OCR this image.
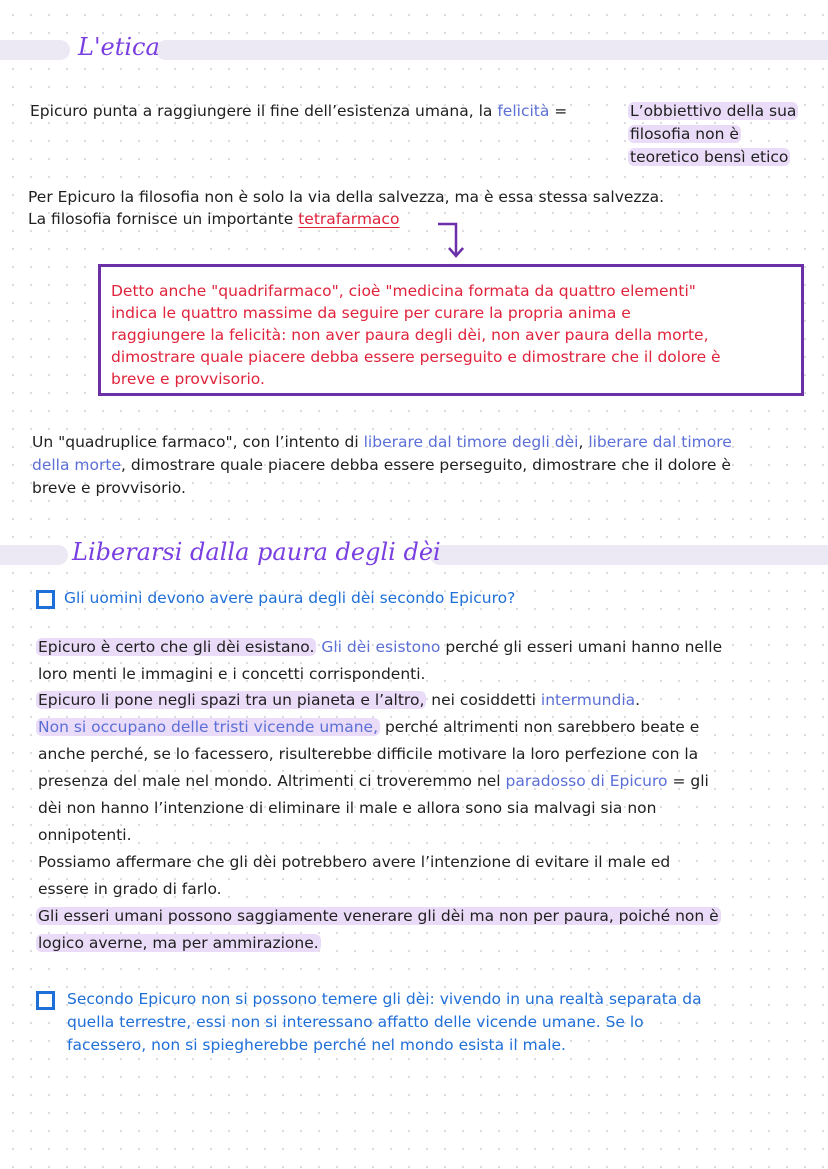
L'etica
Epicuro punta a raggiungere il fine dell’esistenza umana, la felicità =	L’obbiettivo della sua
filosofia non è
teoretico bensì etico
Per Epicuro la filosofia non è solo la via della salvezza, ma è essa stessa salvezza.
La filosofia fornisce un importante tetrafarmaco
Detto anche "quadrifarmaco", cioè "medicina formata da quattro elementi"
indica le quattro massime da seguire per curare la propria anima e
raggiungere la felicità: non aver paura degli dèi, non aver paura della morte,
dimostrare quale piacere debba essere perseguito e dimostrare che il dolore è
breve e provvisorio.
Un "quadruplice farmaco", con l’intento di liberare dal timore degli dèi, liberare dal timore
della morte, dimostrare quale piacere debba essere perseguito, dimostrare che il dolore è
breve e provvisorio.
Liberarsi dalla paura degli dèi
Gli uomini devono avere paura degli dèi secondo Epicuro?
Epicuro è certo che gli dèi esistano. Gli dèi esistono perché gli esseri umani hanno nelle
loro menti le immagini e i concetti corrispondenti.
Epicuro li pone negli spazi tra un pianeta e l’altro, nei cosiddetti intermundia.
Non si occupano delle tristi vicende umane, perché altrimenti non sarebbero beate e
anche perché, se lo facessero, risulterebbe difficile motivare la loro perfezione con la
presenza del male nel mondo. Altrimenti ci troveremmo nel paradosso di Epicuro = gli
dèi non hanno l’intenzione di eliminare il male e allora sono sia malvagi sia non
onnipotenti.
Possiamo affermare che gli dèi potrebbero avere l’intenzione di evitare il male ed
essere in grado di farlo.
Gli esseri umani possono saggiamente venerare gli dèi ma non per paura, poiché non è
logico averne, ma per ammirazione.
Secondo Epicuro non si possono temere gli dèi: vivendo in una realtà separata da
quella terrestre, essi non si interessano affatto delle vicende umane. Se lo
facessero, non si spiegherebbe perché nel mondo esista il male.
